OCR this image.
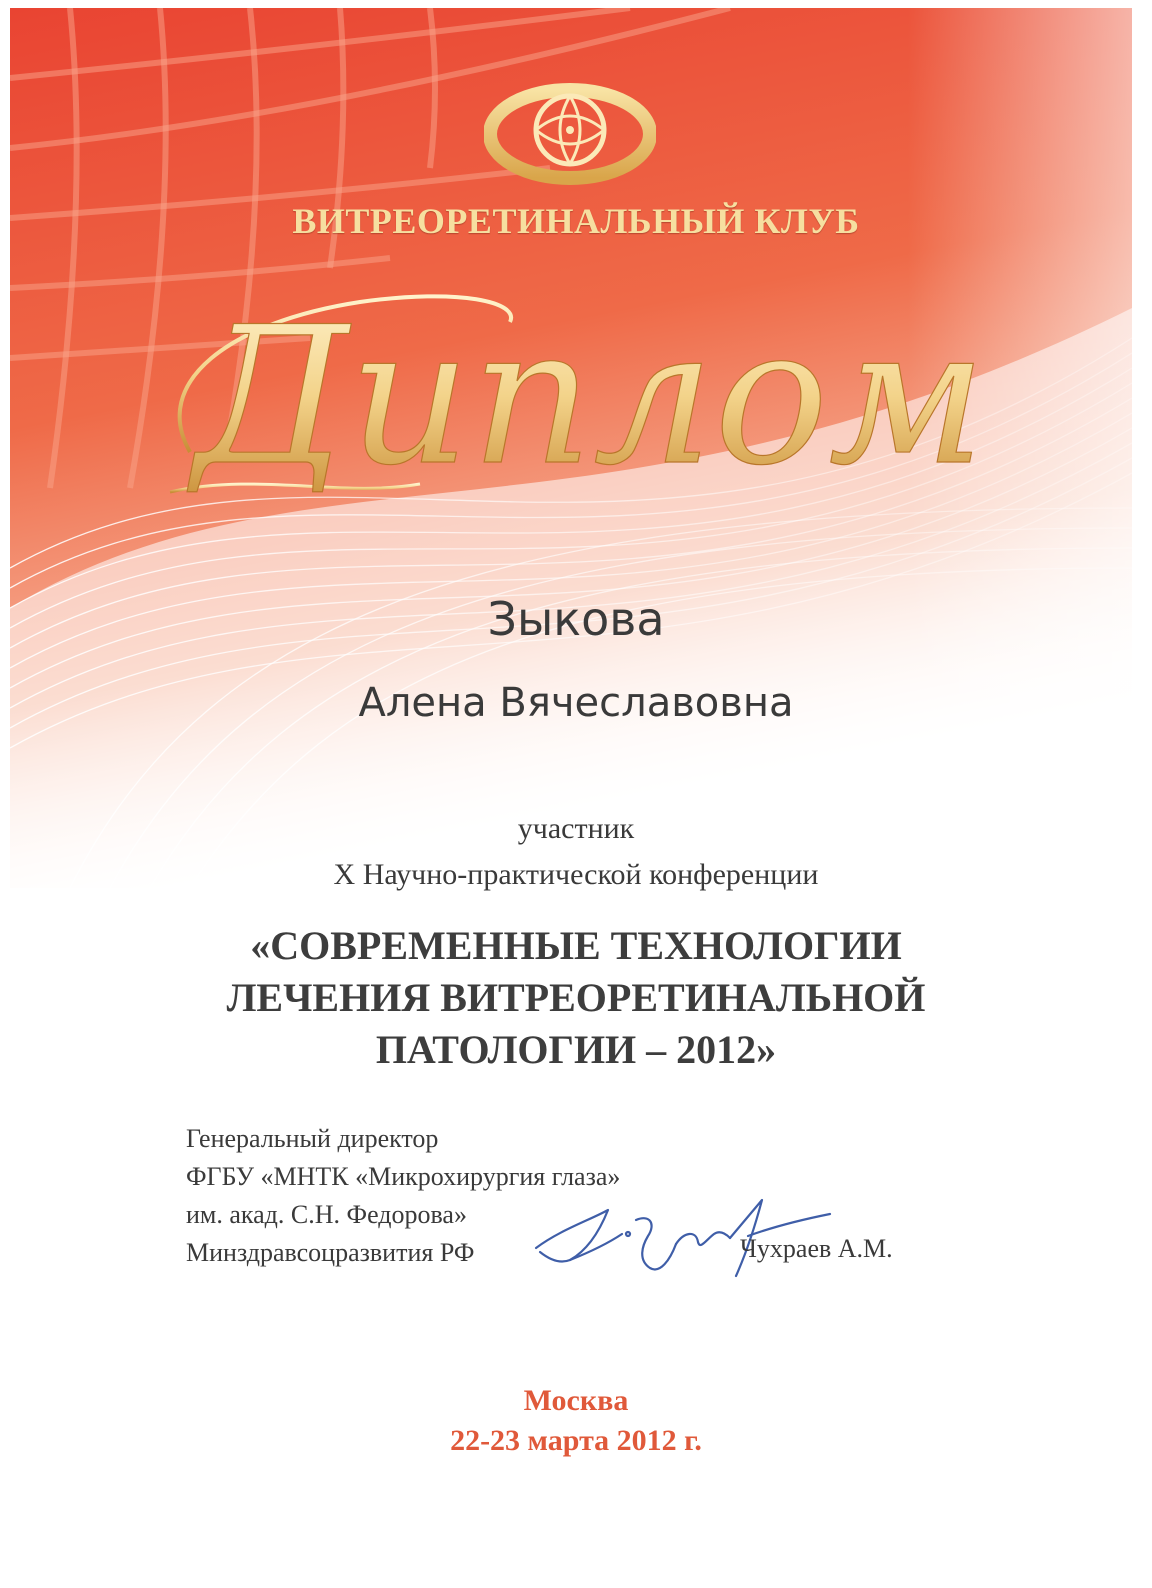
ВИТРЕОРЕТИНАЛЬНЫЙ КЛУБ
Диплом
Зыкова
Алена Вячеславовна
участник
X Научно-практической конференции
«СОВРЕМЕННЫЕ ТЕХНОЛОГИИ
ЛЕЧЕНИЯ ВИТРЕОРЕТИНАЛЬНОЙ
ПАТОЛОГИИ – 2012»
Генеральный директор
ФГБУ «МНТК «Микрохирургия глаза»
им. акад. С.Н. Федорова»
Минздравсоцразвития РФ	Чухраев А.М.
Москва
22-23 марта 2012 г.
